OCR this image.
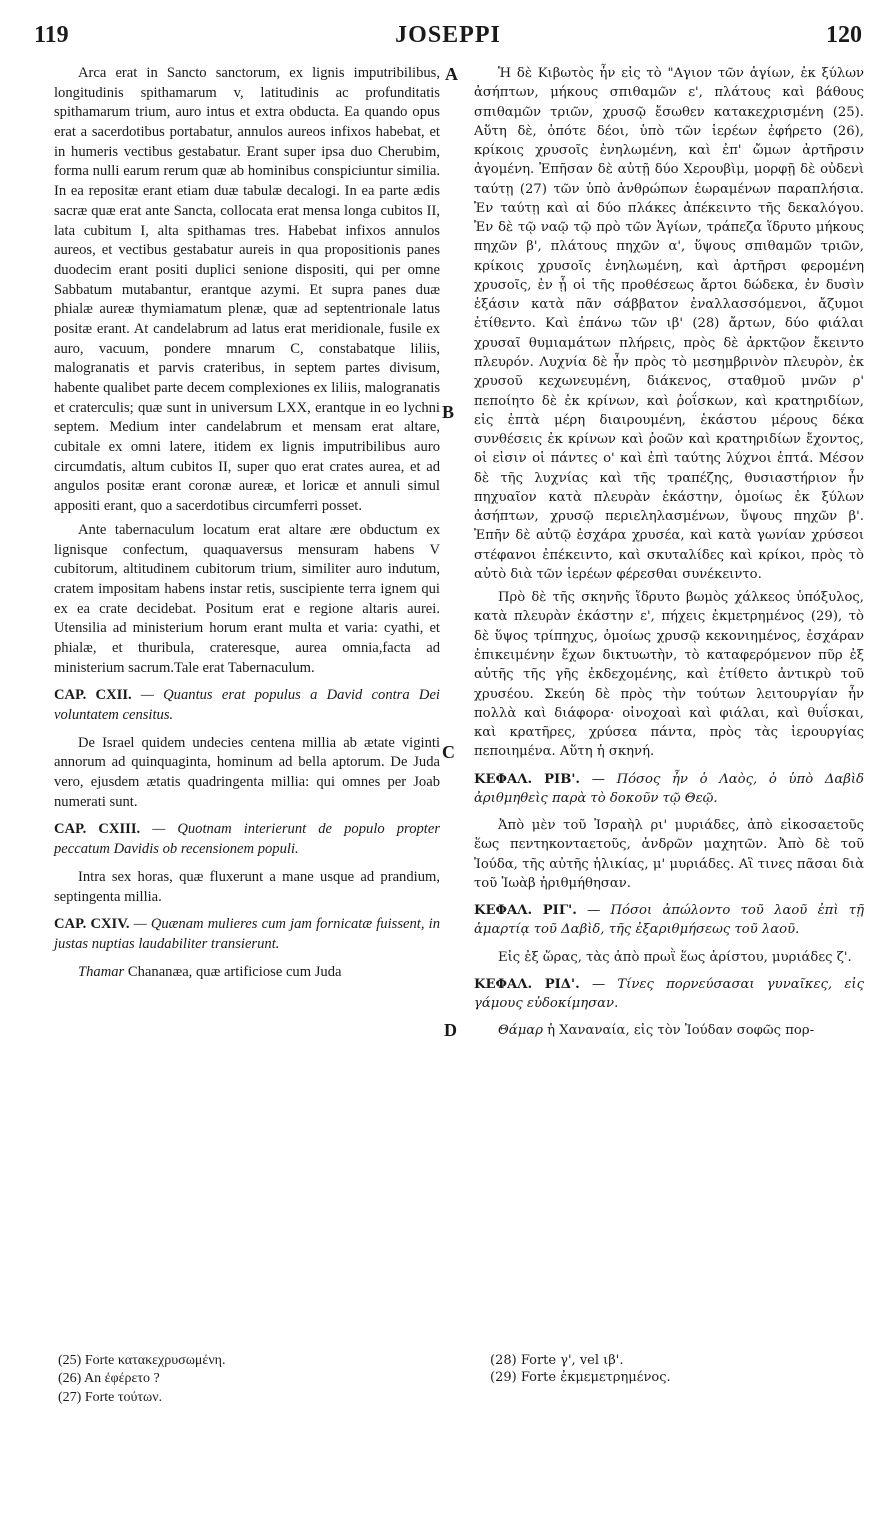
119	JOSEPPI	120
A
B
C
D

Arca erat in Sancto sanctorum, ex lignis imputribilibus, longitudinis spithamarum v, latitudinis ac profunditatis spithamarum trium, auro intus et extra obducta. Ea quando opus erat a sacerdotibus portabatur, annulos aureos infixos habebat, et in humeris vectibus gestabatur. Erant super ipsa duo Cherubim, forma nulli earum rerum quæ ab hominibus conspiciuntur similia. In ea repositæ erant etiam duæ tabulæ decalogi. In ea parte ædis sacræ quæ erat ante Sancta, collocata erat mensa longa cubitos II, lata cubitum I, alta spithamas tres. Habebat infixos annulos aureos, et vectibus gestabatur aureis in qua propositionis panes duodecim erant positi duplici senione dispositi, qui per omne Sabbatum mutabantur, erantque azymi. Et supra panes duæ phialæ aureæ thymiamatum plenæ, quæ ad septentrionale latus positæ erant. At candelabrum ad latus erat meridionale, fusile ex auro, vacuum, pondere mnarum C, constabatque liliis, malogranatis et parvis crateribus, in septem partes divisum, habente qualibet parte decem complexiones ex liliis, malogranatis et craterculis; quæ sunt in universum LXX, erantque in eo lychni septem. Medium inter candelabrum et mensam erat altare, cubitale ex omni latere, itidem ex lignis imputribilibus auro circumdatis, altum cubitos II, super quo erat crates aurea, et ad angulos positæ erant coronæ aureæ, et loricæ et annuli simul appositi erant, quo a sacerdotibus circumferri posset.

Ante tabernaculum locatum erat altare ære obductum ex lignisque confectum, quaquaversus mensuram habens V cubitorum, altitudinem cubitorum trium, similiter auro indutum, cratem impositam habens instar retis, suscipiente terra ignem qui ex ea crate decidebat. Positum erat e regione altaris aurei. Utensilia ad ministerium horum erant multa et varia: cyathi, et phialæ, et thuribula, crateresque, aurea omnia,facta ad ministerium sacrum.Tale erat Tabernaculum.

CAP. CXII. — Quantus erat populus a David contra Dei voluntatem censitus.

De Israel quidem undecies centena millia ab ætate viginti annorum ad quinquaginta, hominum ad bella aptorum. De Juda vero, ejusdem ætatis quadringenta millia: qui omnes per Joab numerati sunt.

CAP. CXIII. — Quotnam interierunt de populo propter peccatum Davidis ob recensionem populi.

Intra sex horas, quæ fluxerunt a mane usque ad prandium, septingenta millia.

CAP. CXIV. — Quænam mulieres cum jam fornicatæ fuissent, in justas nuptias laudabiliter transierunt.

Thamar Chananæa, quæ artificiose cum Juda

Ἡ δὲ Κιβωτὸς ἦν εἰς τὸ "Αγιον τῶν ἁγίων, ἐκ ξύλων ἀσήπτων, μήκους σπιθαμῶν ε', πλάτους καὶ βάθους σπιθαμῶν τριῶν, χρυσῷ ἔσωθεν κατακεχρισμένη (25). Αὕτη δὲ, ὁπότε δέοι, ὑπὸ τῶν ἱερέων ἐφήρετο (26), κρίκοις χρυσοῖς ἐνηλωμένη, καὶ ἐπ' ὤμων ἀρτῆρσιν ἀγομένη. Ἐπῆσαν δὲ αὐτῇ δύο Χερουβὶμ, μορφῇ δὲ οὐδενὶ ταύτῃ (27) τῶν ὑπὸ ἀνθρώπων ἑωραμένων παραπλήσια. Ἐν ταύτῃ καὶ αἱ δύο πλάκες ἀπέκειντο τῆς δεκαλόγου. Ἐν δὲ τῷ ναῷ τῷ πρὸ τῶν Ἁγίων, τράπεζα ἵδρυτο μήκους πηχῶν β', πλάτους πηχῶν α', ὕψους σπιθαμῶν τριῶν, κρίκοις χρυσοῖς ἐνηλωμένη, καὶ ἀρτῆρσι φερομένη χρυσοῖς, ἐν ᾗ οἱ τῆς προθέσεως ἄρτοι δώδεκα, ἐν δυσὶν ἑξάσιν κατὰ πᾶν σάββατον ἐναλλασσόμενοι, ἄζυμοι ἐτίθεντο. Καὶ ἐπάνω τῶν ιβ' (28) ἄρτων, δύο φιάλαι χρυσαῖ θυμιαμάτων πλήρεις, πρὸς δὲ ἀρκτῷον ἔκειντο πλευρόν. Λυχνία δὲ ἦν πρὸς τὸ μεσημβρινὸν πλευρὸν, ἐκ χρυσοῦ κεχωνευμένη, διάκενος, σταθμοῦ μνῶν ρ' πεποίητο δὲ ἐκ κρίνων, καὶ ῥοΐσκων, καὶ κρατηριδίων, εἰς ἑπτὰ μέρη διαιρουμένη, ἑκάστου μέρους δέκα συνθέσεις ἐκ κρίνων καὶ ῥοῶν καὶ κρατηριδίων ἔχοντος, οἱ εἰσιν οἱ πάντες ο' καὶ ἐπὶ ταύτης λύχνοι ἑπτά. Μέσον δὲ τῆς λυχνίας καὶ τῆς τραπέζης, θυσιαστήριον ἦν πηχυαῖον κατὰ πλευρὰν ἑκάστην, ὁμοίως ἐκ ξύλων ἀσήπτων, χρυσῷ περιεληλασμένων, ὕψους πηχῶν β'. Ἐπῆν δὲ αὐτῷ ἐσχάρα χρυσέα, καὶ κατὰ γωνίαν χρύσεοι στέφανοι ἐπέκειντο, καὶ σκυταλίδες καὶ κρίκοι, πρὸς τὸ αὐτὸ διὰ τῶν ἱερέων φέρεσθαι συνέκειντο.

Πρὸ δὲ τῆς σκηνῆς ἵδρυτο βωμὸς χάλκεος ὑπόξυλος, κατὰ πλευρὰν ἑκάστην ε', πήχεις ἐκμετρημένος (29), τὸ δὲ ὕψος τρίπηχυς, ὁμοίως χρυσῷ κεκονιημένος, ἐσχάραν ἐπικειμένην ἔχων δικτυωτὴν, τὸ καταφερόμενον πῦρ ἐξ αὐτῆς τῆς γῆς ἐκδεχομένης, καὶ ἐτίθετο ἀντικρὺ τοῦ χρυσέου. Σκεύη δὲ πρὸς τὴν τούτων λειτουργίαν ἦν πολλὰ καὶ διάφορα· οἰνοχοαὶ καὶ φιάλαι, καὶ θυΐσκαι, καὶ κρατῆρες, χρύσεα πάντα, πρὸς τὰς ἱερουργίας πεποιημένα. Αὕτη ἡ σκηνή.

ΚΕΦΑΛ. ΡΙΒ'. — Πόσος ἦν ὁ Λαὸς, ὁ ὑπὸ Δαβὶδ ἀριθμηθεὶς παρὰ τὸ δοκοῦν τῷ Θεῷ.

Ἀπὸ μὲν τοῦ Ἰσραὴλ ρι' μυριάδες, ἀπὸ εἰκοσαετοῦς ἕως πεντηκονταετοῦς, ἀνδρῶν μαχητῶν. Ἀπὸ δὲ τοῦ Ἰούδα, τῆς αὐτῆς ἡλικίας, μ' μυριάδες. Αἳ τινες πᾶσαι διὰ τοῦ Ἰωὰβ ἠριθμήθησαν.

ΚΕΦΑΛ. ΡΙΓ'. — Πόσοι ἀπώλοντο τοῦ λαοῦ ἐπὶ τῇ ἁμαρτίᾳ τοῦ Δαβὶδ, τῆς ἐξαριθμήσεως τοῦ λαοῦ.

Εἰς ἐξ ὥρας, τὰς ἀπὸ πρωῒ ἕως ἀρίστου, μυριάδες ζ'.

ΚΕΦΑΛ. ΡΙΔ'. — Τίνες πορνεύσασαι γυναῖκες, εἰς γάμους εὐδοκίμησαν.

Θάμαρ ἡ Χαναναία, εἰς τὸν Ἰούδαν σοφῶς πορ-

(25) Forte κατακεχρυσωμένη.

(26) An ἐφέρετο ?

(27) Forte τούτων.

(28) Forte γ', vel ιβ'.

(29) Forte ἐκμεμετρημένος.
